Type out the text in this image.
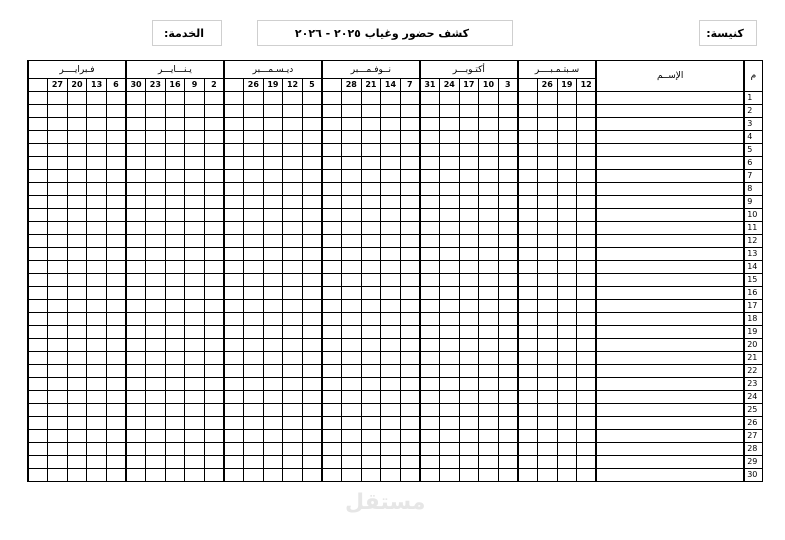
كنيسة:
كشف حضور وغياب ٢٠٢٥ - ٢٠٢٦
الخدمة:
فـبرايــــر					يـنـــايـــر					ديـسـمـــبر					نــوفـمـــبر					أكتـوبـــر					سـبتـمـبــــر				الإســم	م
	27	20	13	6	30	23	16	9	2		26	19	12	5		28	21	14	7	31	24	17	10	3		26	19	12		
																														1
																														2
																														3
																														4
																														5
																														6
																														7
																														8
																														9
																														10
																														11
																														12
																														13
																														14
																														15
																														16
																														17
																														18
																														19
																														20
																														21
																														22
																														23
																														24
																														25
																														26
																														27
																														28
																														29
																														30
مستقل
